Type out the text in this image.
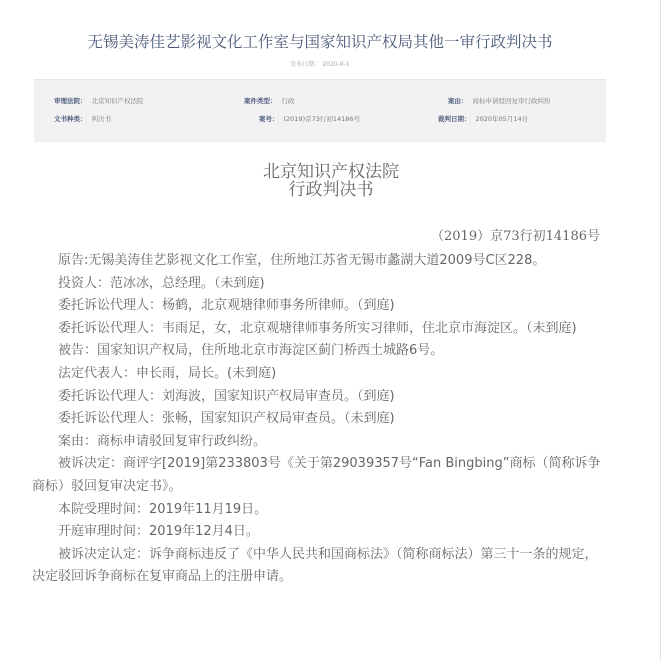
无锡美涛佳艺影视文化工作室与国家知识产权局其他一审行政判决书
发布日期： 2020-9-1
审理法院： 北京知识产权法院	案件类型： 行政	案由： 商标申请驳回复审行政纠纷
文书种类： 判决书	案号： (2019)京73行初14186号	裁判日期： 2020年05月14日
北京知识产权法院
行政判决书
（2019）京73行初14186号

原告:无锡美涛佳艺影视文化工作室，住所地江苏省无锡市蠡湖大道2009号C区228。

投资人：范冰冰，总经理。（未到庭)

委托诉讼代理人：杨鹤，北京观塘律师事务所律师。（到庭)

委托诉讼代理人：韦雨足，女，北京观塘律师事务所实习律师，住北京市海淀区。（未到庭)

被告：国家知识产权局，住所地北京市海淀区蓟门桥西土城路6号。

法定代表人：申长雨，局长。(未到庭)

委托诉讼代理人：刘海波，国家知识产权局审查员。（到庭)

委托诉讼代理人：张畅，国家知识产权局审查员。（未到庭)

案由：商标申请驳回复审行政纠纷。

被诉决定：商评字[2019]第233803号《关于第29039357号“Fan Bingbing”商标（简称诉争商标）驳回复审决定书》。

本院受理时间：2019年11月19日。

开庭审理时间：2019年12月4日。

被诉决定认定：诉争商标违反了《中华人民共和国商标法》（简称商标法）第三十一条的规定，决定驳回诉争商标在复审商品上的注册申请。
